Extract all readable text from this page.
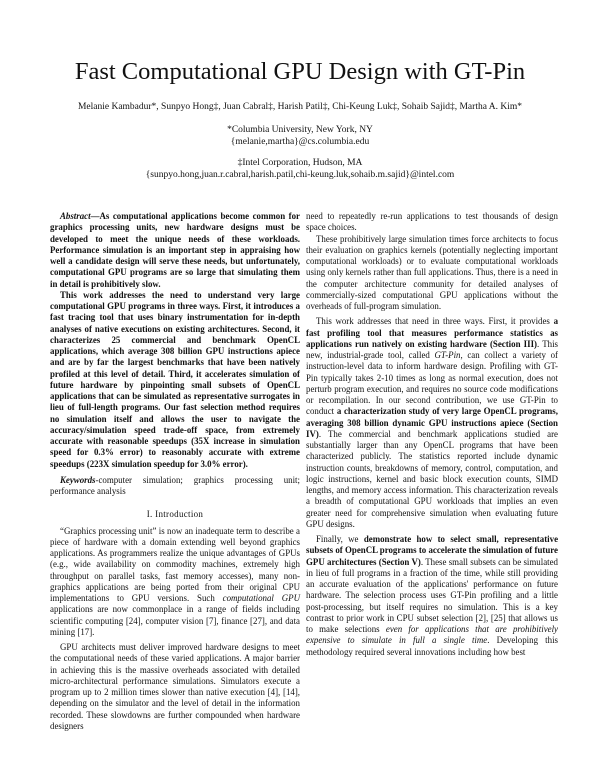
Fast Computational GPU Design with GT-Pin
Melanie Kambadur*, Sunpyo Hong‡, Juan Cabral‡, Harish Patil‡, Chi-Keung Luk‡, Sohaib Sajid‡, Martha A. Kim*
*Columbia University, New York, NY
{melanie,martha}@cs.columbia.edu
‡Intel Corporation, Hudson, MA
{sunpyo.hong,juan.r.cabral,harish.patil,chi-keung.luk,sohaib.m.sajid}@intel.com

Abstract—As computational applications become common for graphics processing units, new hardware designs must be developed to meet the unique needs of these workloads. Performance simulation is an important step in appraising how well a candidate design will serve these needs, but unfortunately, computational GPU programs are so large that simulating them in detail is prohibitively slow.

This work addresses the need to understand very large computational GPU programs in three ways. First, it introduces a fast tracing tool that uses binary instrumentation for in-depth analyses of native executions on existing architectures. Second, it characterizes 25 commercial and benchmark OpenCL applications, which average 308 billion GPU instructions apiece and are by far the largest benchmarks that have been natively profiled at this level of detail. Third, it accelerates simulation of future hardware by pinpointing small subsets of OpenCL applications that can be simulated as representative surrogates in lieu of full-length programs. Our fast selection method requires no simulation itself and allows the user to navigate the accuracy/simulation speed trade-off space, from extremely accurate with reasonable speedups (35X increase in simulation speed for 0.3% error) to reasonably accurate with extreme speedups (223X simulation speedup for 3.0% error).

Keywords-computer simulation; graphics processing unit; performance analysis

I. Introduction

“Graphics processing unit” is now an inadequate term to describe a piece of hardware with a domain extending well beyond graphics applications. As programmers realize the unique advantages of GPUs (e.g., wide availability on commodity machines, extremely high throughput on parallel tasks, fast memory accesses), many non-graphics applications are being ported from their original CPU implementations to GPU versions. Such computational GPU applications are now commonplace in a range of fields including scientific computing [24], computer vision [7], finance [27], and data mining [17].

GPU architects must deliver improved hardware designs to meet the computational needs of these varied applications. A major barrier in achieving this is the massive overheads associated with detailed micro-architectural performance simulations. Simulators execute a program up to 2 million times slower than native execution [4], [14], depending on the simulator and the level of detail in the information recorded. These slowdowns are further compounded when hardware designers

need to repeatedly re-run applications to test thousands of design space choices.

These prohibitively large simulation times force architects to focus their evaluation on graphics kernels (potentially neglecting important computational workloads) or to evaluate computational workloads using only kernels rather than full applications. Thus, there is a need in the computer architecture community for detailed analyses of commercially-sized computational GPU applications without the overheads of full-program simulation.

This work addresses that need in three ways. First, it provides a fast profiling tool that measures performance statistics as applications run natively on existing hardware (Section III). This new, industrial-grade tool, called GT-Pin, can collect a variety of instruction-level data to inform hardware design. Profiling with GT-Pin typically takes 2-10 times as long as normal execution, does not perturb program execution, and requires no source code modifications or recompilation. In our second contribution, we use GT-Pin to conduct a characterization study of very large OpenCL programs, averaging 308 billion dynamic GPU instructions apiece (Section IV). The commercial and benchmark applications studied are substantially larger than any OpenCL programs that have been characterized publicly. The statistics reported include dynamic instruction counts, breakdowns of memory, control, computation, and logic instructions, kernel and basic block execution counts, SIMD lengths, and memory access information. This characterization reveals a breadth of computational GPU workloads that implies an even greater need for comprehensive simulation when evaluating future GPU designs.

Finally, we demonstrate how to select small, representative subsets of OpenCL programs to accelerate the simulation of future GPU architectures (Section V). These small subsets can be simulated in lieu of full programs in a fraction of the time, while still providing an accurate evaluation of the applications' performance on future hardware. The selection process uses GT-Pin profiling and a little post-processing, but itself requires no simulation. This is a key contrast to prior work in CPU subset selection [2], [25] that allows us to make selections even for applications that are prohibitively expensive to simulate in full a single time. Developing this methodology required several innovations including how best
